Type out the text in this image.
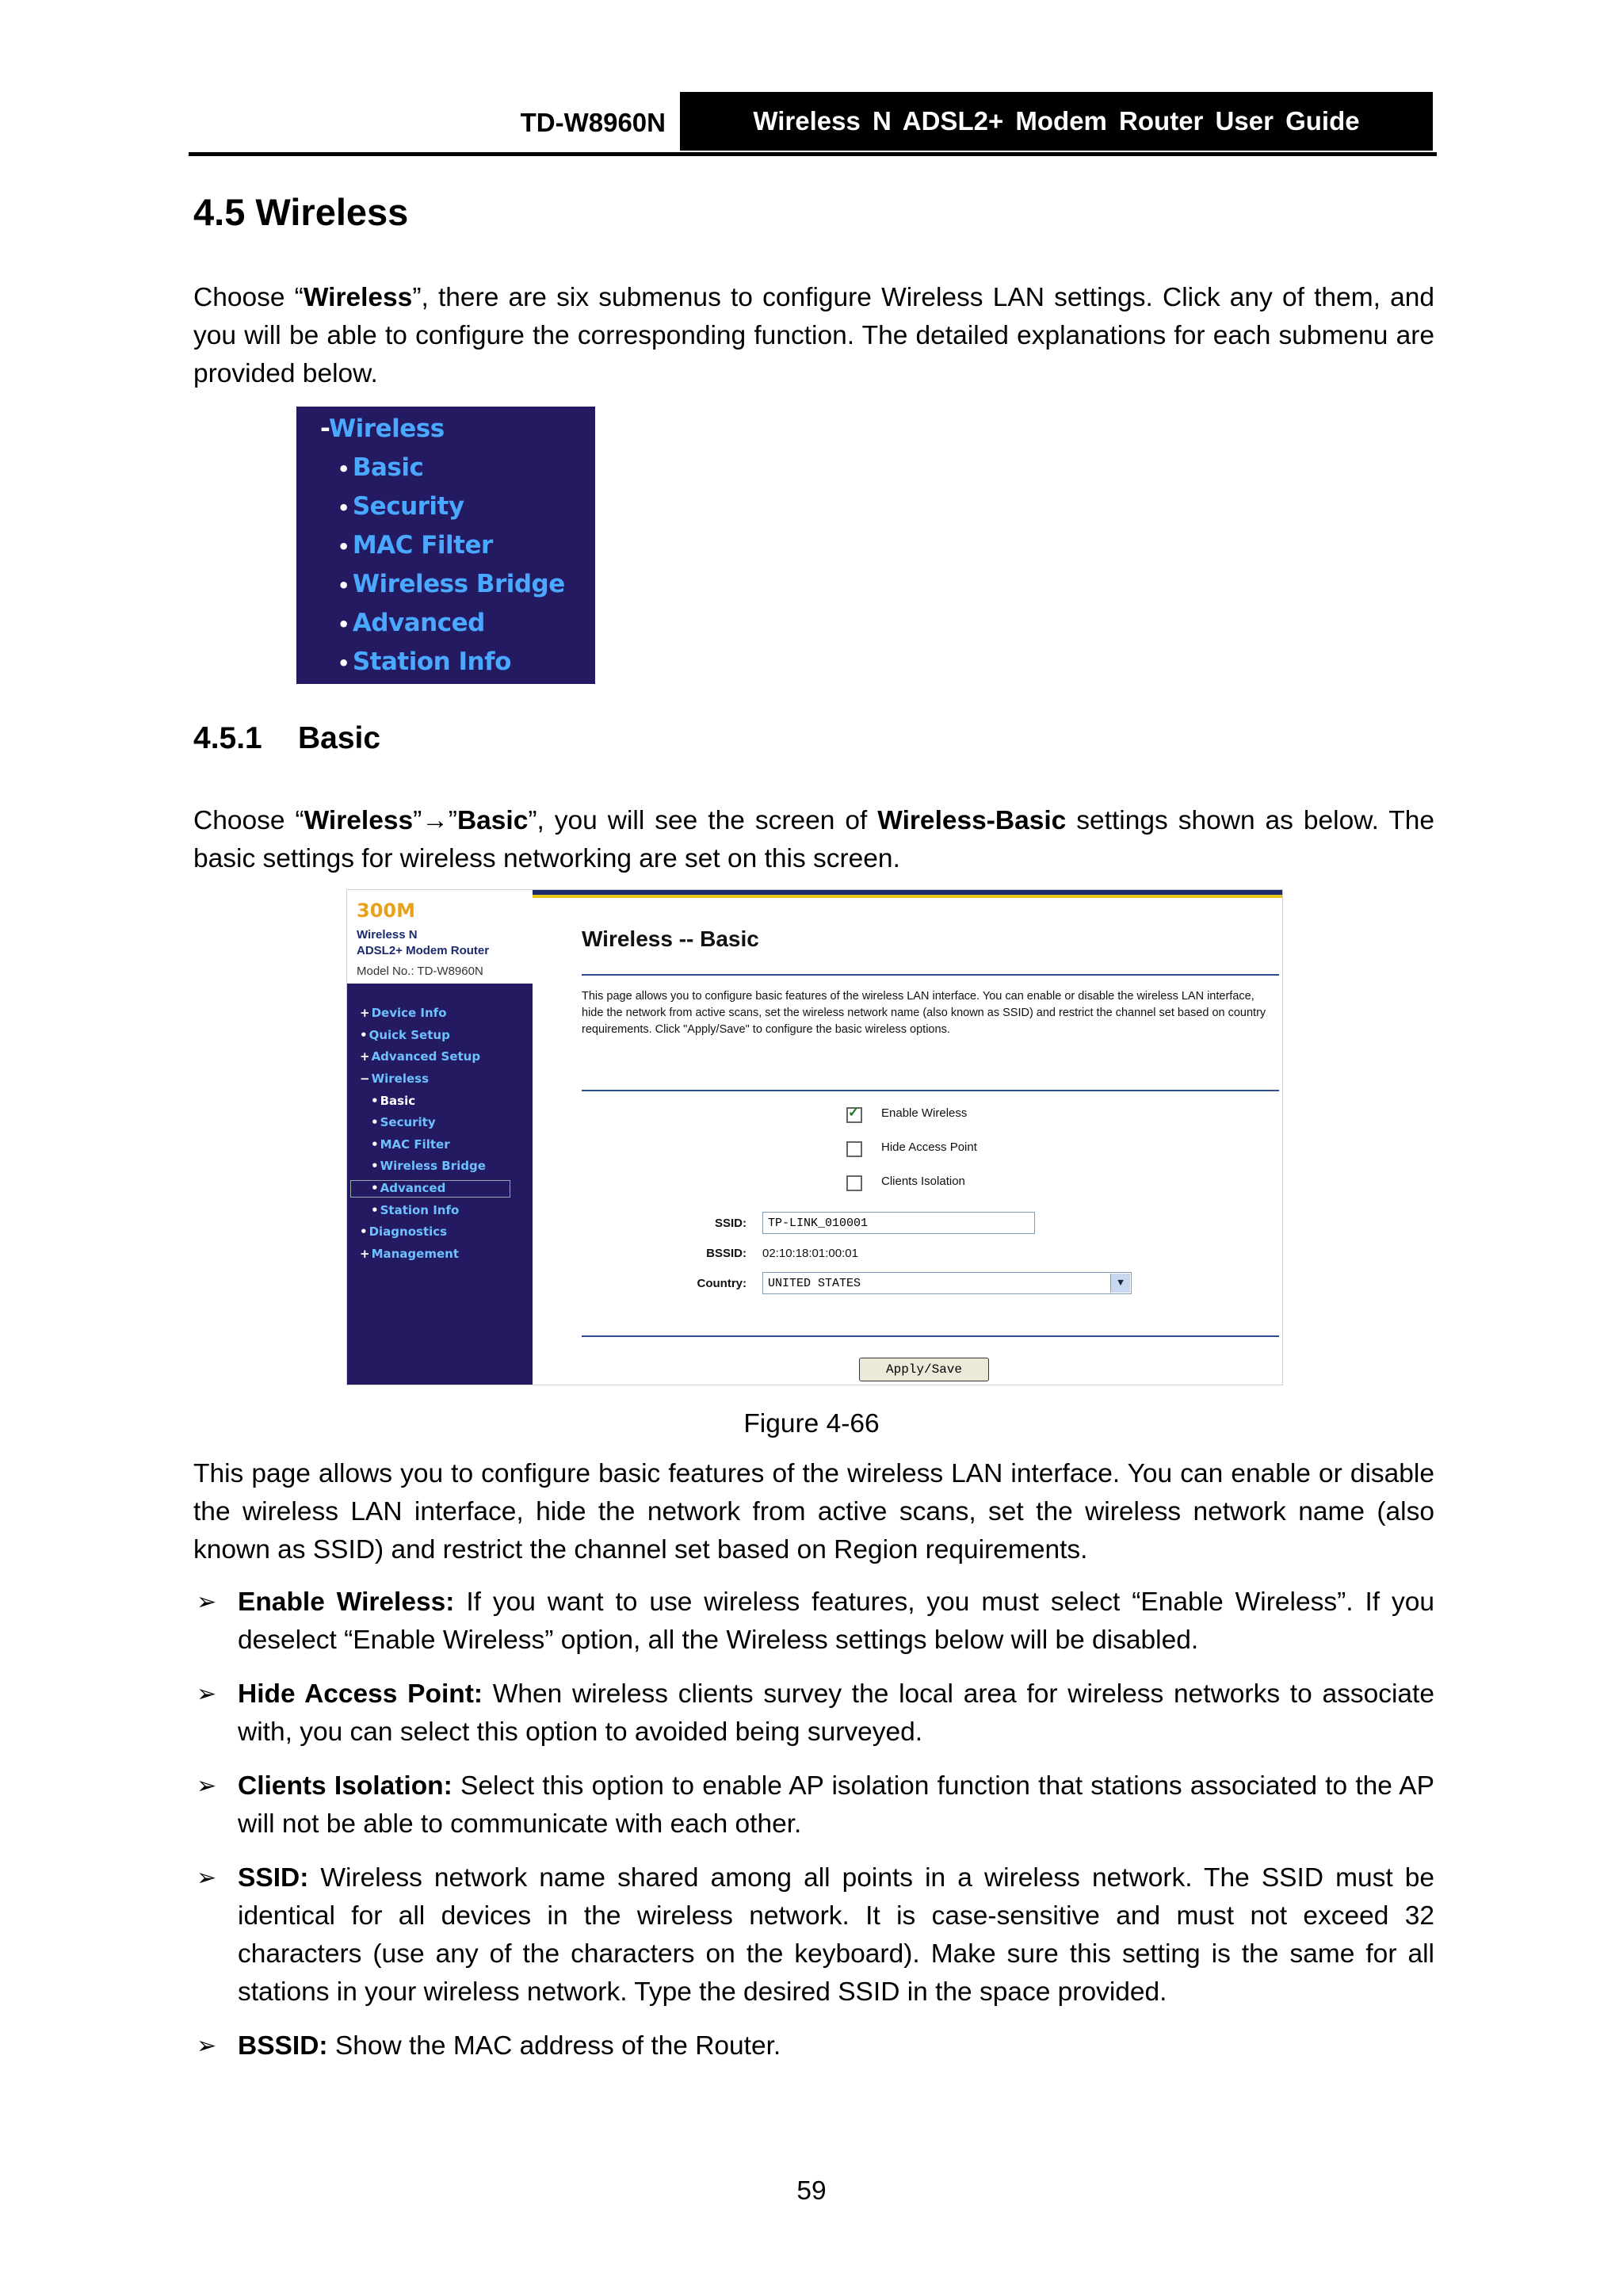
TD-W8960N	Wireless N ADSL2+ Modem Router User Guide
4.5 Wireless

Choose “Wireless”, there are six submenus to configure Wireless LAN settings. Click any of them, and you will be able to configure the corresponding function. The detailed explanations for each submenu are provided below.

-Wireless
• Basic
• Security
• MAC Filter
• Wireless Bridge
• Advanced
• Station Info
4.5.1 Basic

Choose “Wireless”→”Basic”, you will see the screen of Wireless-Basic settings shown as below. The basic settings for wireless networking are set on this screen.

300M
Wireless N
ADSL2+ Modem Router
Model No.: TD-W8960N
+ Device Info
• Quick Setup
+ Advanced Setup
− Wireless
• Basic
• Security
• MAC Filter
• Wireless Bridge
• Advanced
• Station Info
• Diagnostics
+ Management
Wireless -- Basic

This page allows you to configure basic features of the wireless LAN interface. You can enable or disable the wireless LAN interface, hide the network from active scans, set the wireless network name (also known as SSID) and restrict the channel set based on country requirements. Click "Apply/Save" to configure the basic wireless options.

✓
Enable Wireless
Hide Access Point
Clients Isolation
SSID:	TP-LINK_010001
BSSID: 02:10:18:01:00:01
Country:	UNITED STATES	▼
Apply/Save
Figure 4-66

This page allows you to configure basic features of the wireless LAN interface. You can enable or disable the wireless LAN interface, hide the network from active scans, set the wireless network name (also known as SSID) and restrict the channel set based on Region requirements.

➢ Enable Wireless: If you want to use wireless features, you must select “Enable Wireless”. If you deselect “Enable Wireless” option, all the Wireless settings below will be disabled.
➢ Hide Access Point: When wireless clients survey the local area for wireless networks to associate with, you can select this option to avoided being surveyed.
➢ Clients Isolation: Select this option to enable AP isolation function that stations associated to the AP will not be able to communicate with each other.
➢ SSID: Wireless network name shared among all points in a wireless network. The SSID must be identical for all devices in the wireless network. It is case-sensitive and must not exceed 32 characters (use any of the characters on the keyboard). Make sure this setting is the same for all stations in your wireless network. Type the desired SSID in the space provided.
➢ BSSID: Show the MAC address of the Router.
59
